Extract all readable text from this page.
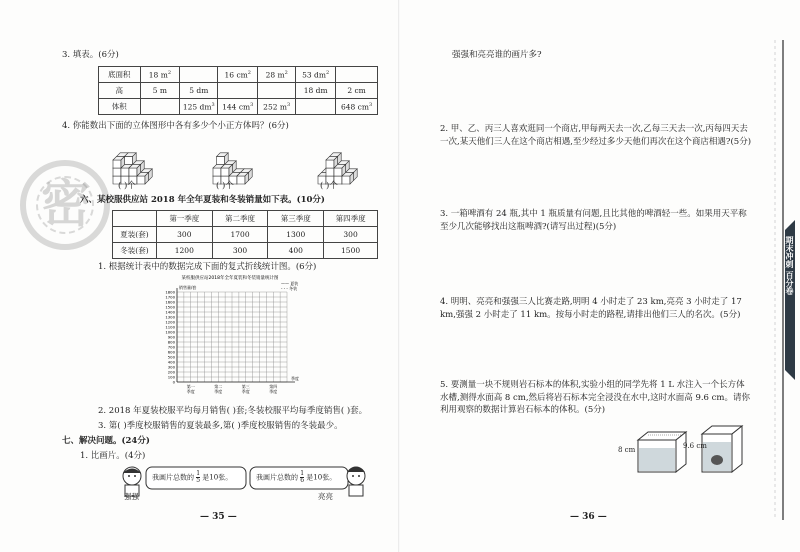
3. 填表。(6分)
底面积	18 $m^2$		16 $cm^2$	28 $m^2$	53 $dm^2$	
高	5 m	5 dm			18 dm	2 cm
体积		125 $dm^3$	144 $cm^3$	252 $m^3$		648 $cm^3$
4. 你能数出下面的立体图形中各有多少个小正方体吗？(6分)
( )个	( )个	( )个
密
六、某校服供应站 2018 年全年夏装和冬装销量如下表。(10分)
	第一季度	第二季度	第三季度	第四季度
夏装(套)	300	1700	1300	300
冬装(套)	1200	300	400	1500
1. 根据统计表中的数据完成下面的复式折线统计图。(6分)
某校服供应站2018年全年夏装和冬装销量统计图
销售量/套
—— 夏装
- - - 冬装
0
100
200
300
400
500
600
700
800
900
1000
1100
1200
1300
1400
1500
1600
1700
1800
季度
第一
季度
第二
季度
第三
季度
第四
季度
2. 2018 年夏装校服平均每月销售( )套;冬装校服平均每季度销售( )套。
3. 第( )季度校服销售的夏装最多,第( )季度校服销售的冬装最少。
七、解决问题。(24分)
1. 比画片。(4分)
我画片总数的 $\frac{1}{5}$ 是10张。	我画片总数的 $\frac{1}{6}$ 是10张。
强强	亮亮
— 35 —
强强和亮亮谁的画片多?
2. 甲、乙、丙三人喜欢逛同一个商店,甲每两天去一次,乙每三天去一次,丙每四天去一次,某天他们三人在这个商店相遇,至少经过多少天他们再次在这个商店相遇?(5分)
3. 一箱啤酒有 24 瓶,其中 1 瓶质量有问题,且比其他的啤酒轻一些。如果用天平称至少几次能够找出这瓶啤酒?(请写出过程)(5分)
4. 明明、亮亮和强强三人比赛走路,明明 4 小时走了 23 km,亮亮 3 小时走了 17 km,强强 2 小时走了 11 km。按每小时走的路程,请排出他们三人的名次。(5分)
5. 要测量一块不规则岩石标本的体积,实验小组的同学先将 1 L 水注入一个长方体水槽,测得水面高 8 cm,然后将岩石标本完全浸没在水中,这时水面高 9.6 cm。请你利用观察的数据计算岩石标本的体积。(5分)
8 cm	9.6 cm
— 36 —
期末冲刺 百分卷
